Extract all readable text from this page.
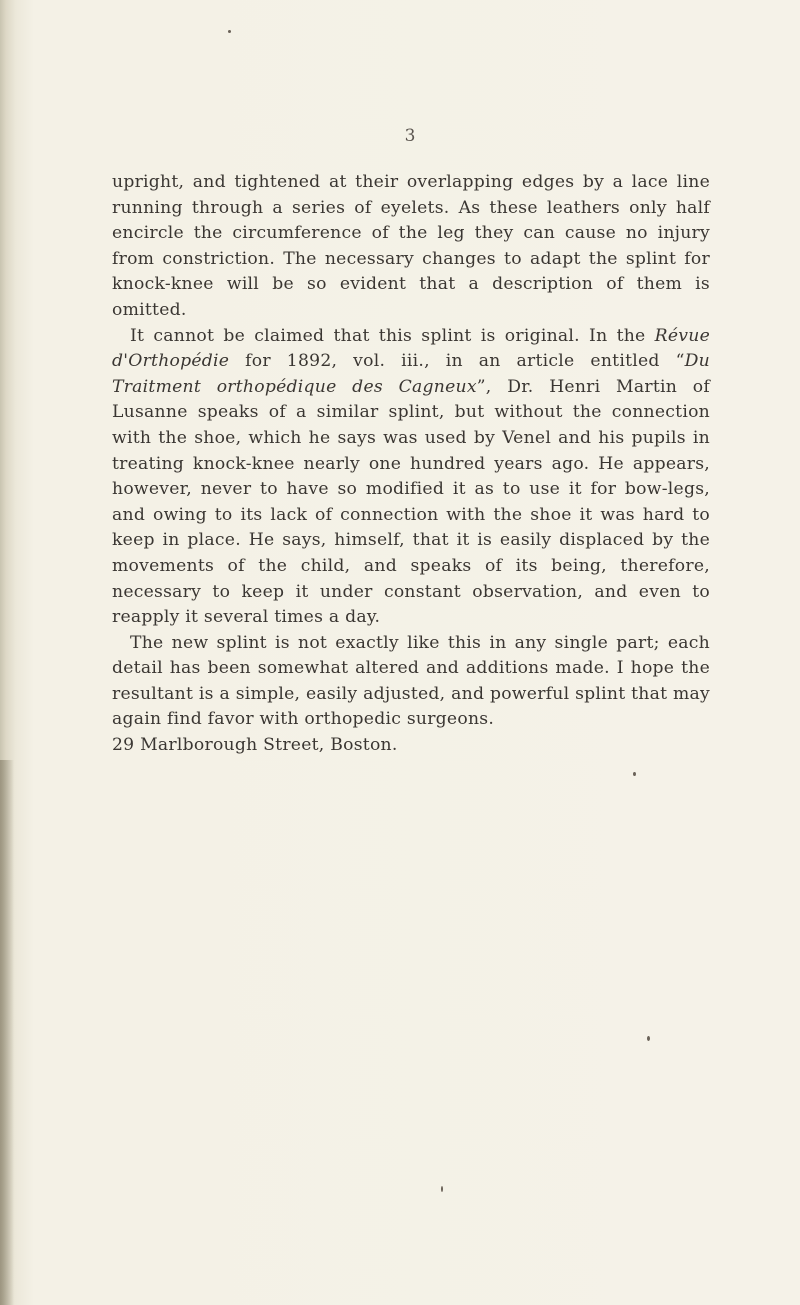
3

upright, and tightened at their overlapping edges by a lace line running through a series of eyelets. As these leathers only half encircle the circumference of the leg they can cause no injury from constriction. The necessary changes to adapt the splint for knock-knee will be so evident that a description of them is omitted.

It cannot be claimed that this splint is original. In the Révue d'Orthopédie for 1892, vol. iii., in an article entitled “Du Traitment orthopédique des Cagneux”, Dr. Henri Martin of Lusanne speaks of a similar splint, but without the connection with the shoe, which he says was used by Venel and his pupils in treating knock-knee nearly one hundred years ago. He appears, however, never to have so modified it as to use it for bow-legs, and owing to its lack of connection with the shoe it was hard to keep in place. He says, himself, that it is easily displaced by the movements of the child, and speaks of its being, therefore, necessary to keep it under constant observation, and even to reapply it several times a day.

The new splint is not exactly like this in any single part; each detail has been somewhat altered and additions made. I hope the resultant is a simple, easily adjusted, and powerful splint that may again find favor with orthopedic surgeons.

29 Marlborough Street, Boston.
